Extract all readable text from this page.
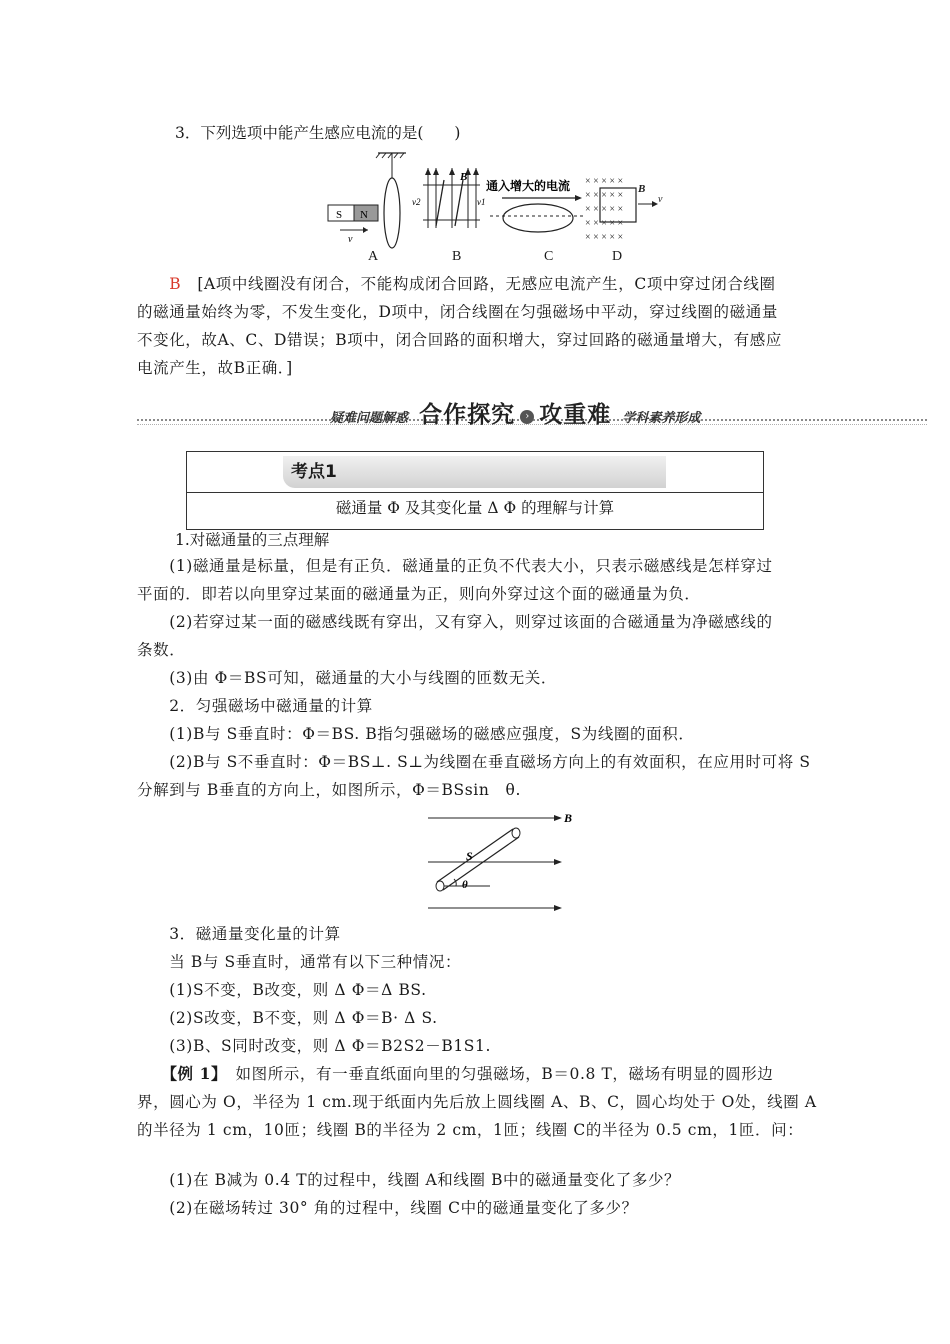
3．下列选项中能产生感应电流的是(　　)
S N
v
B
v2	v1
通入增大的电流 × × × × ×
× × × × ×
× × × × ×
× × × × ×
× × × × ×
B
v
A	B	C	D
　　B　 [A项中线圈没有闭合，不能构成闭合回路，无感应电流产生，C项中穿过闭合线圈
的磁通量始终为零，不发生变化，D项中，闭合线圈在匀强磁场中平动，穿过线圈的磁通量
不变化，故A、C、D错误；B项中，闭合回路的面积增大，穿过回路的磁通量增大，有感应
电流产生，故B正确．]
疑难问题解惑 合作探究 › 攻重难 学科素养形成
考点1
磁通量 Φ 及其变化量 Δ Φ 的理解与计算
1.对磁通量的三点理解
　　(1)磁通量是标量，但是有正负．磁通量的正负不代表大小，只表示磁感线是怎样穿过
平面的．即若以向里穿过某面的磁通量为正，则向外穿过这个面的磁通量为负．
　　(2)若穿过某一面的磁感线既有穿出，又有穿入，则穿过该面的合磁通量为净磁感线的
条数．
　　(3)由 Φ＝BS可知，磁通量的大小与线圈的匝数无关．
　　2．匀强磁场中磁通量的计算
　　(1)B与 S垂直时：Φ＝BS. B指匀强磁场的磁感应强度，S为线圈的面积．
　　(2)B与 S不垂直时：Φ＝BS⊥. S⊥为线圈在垂直磁场方向上的有效面积，在应用时可将 S
分解到与 B垂直的方向上，如图所示，Φ＝BSsin　θ.
B
S
θ
　　3．磁通量变化量的计算
　　当 B与 S垂直时，通常有以下三种情况：
　　(1)S不变，B改变，则 Δ Φ＝Δ BS.
　　(2)S改变，B不变，则 Δ Φ＝B· Δ S.
　　(3)B、S同时改变，则 Δ Φ＝B2S2－B1S1.
　　【例 1】　如图所示，有一垂直纸面向里的匀强磁场，B＝0.8 T，磁场有明显的圆形边
界，圆心为 O，半径为 1 cm.现于纸面内先后放上圆线圈 A、B、C，圆心均处于 O处，线圈 A
的半径为 1 cm，10匝；线圈 B的半径为 2 cm，1匝；线圈 C的半径为 0.5 cm，1匝．问：
　　(1)在 B减为 0.4 T的过程中，线圈 A和线圈 B中的磁通量变化了多少？
　　(2)在磁场转过 30° 角的过程中，线圈 C中的磁通量变化了多少？
